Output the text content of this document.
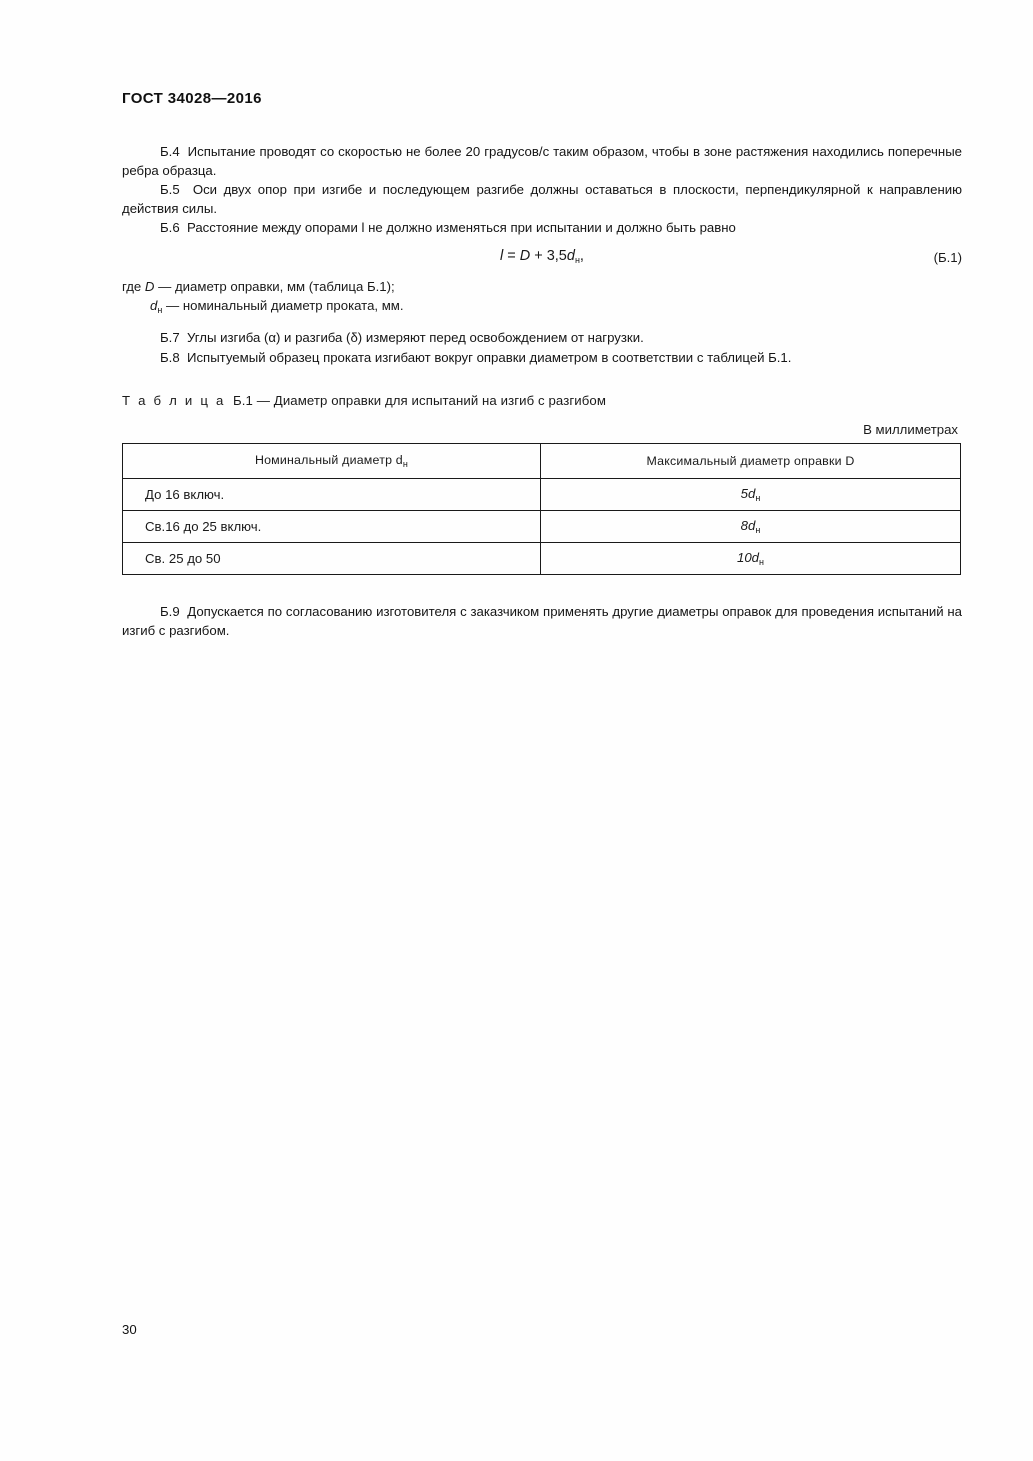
ГОСТ 34028—2016

Б.4 Испытание проводят со скоростью не более 20 градусов/с таким образом, чтобы в зоне растяжения находились поперечные ребра образца.

Б.5 Оси двух опор при изгибе и последующем разгибе должны оставаться в плоскости, перпендикулярной к направлению действия силы.

Б.6 Расстояние между опорами l не должно изменяться при испытании и должно быть равно

$l = D + 3,5d_н$,	(Б.1)
где D — диаметр оправки, мм (таблица Б.1);
$d_н$ — номинальный диаметр проката, мм.

Б.7 Углы изгиба (α) и разгиба (δ) измеряют перед освобождением от нагрузки.

Б.8 Испытуемый образец проката изгибают вокруг оправки диаметром в соответствии с таблицей Б.1.

Т а б л и ц а Б.1 — Диаметр оправки для испытаний на изгиб с разгибом
В миллиметрах
Номинальный диаметр $d_н$	Максимальный диаметр оправки D
До 16 включ.	$5d_н$
Св.16 до 25 включ.	$8d_н$
Св. 25 до 50	$10d_н$

Б.9 Допускается по согласованию изготовителя с заказчиком применять другие диаметры оправок для проведения испытаний на изгиб с разгибом.

30
